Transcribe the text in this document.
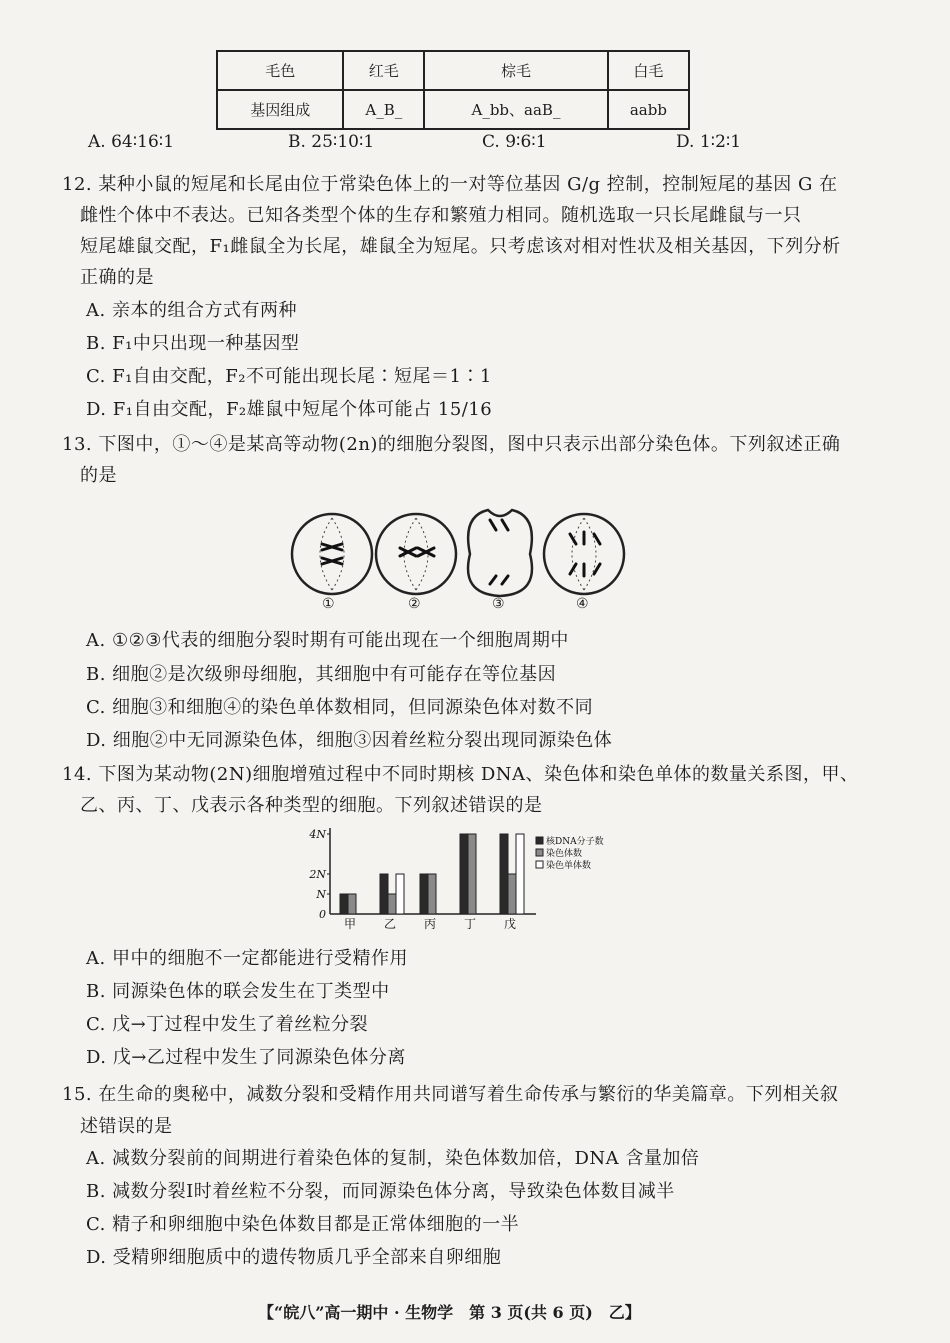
毛色	红毛	棕毛	白毛
基因组成	A_B_	A_bb、aaB_	aabb
A. 64∶16∶1	B. 25∶10∶1	C. 9∶6∶1	D. 1∶2∶1
12. 某种小鼠的短尾和长尾由位于常染色体上的一对等位基因 G/g 控制，控制短尾的基因 G 在
雌性个体中不表达。已知各类型个体的生存和繁殖力相同。随机选取一只长尾雌鼠与一只
短尾雄鼠交配，F₁雌鼠全为长尾，雄鼠全为短尾。只考虑该对相对性状及相关基因，下列分析
正确的是
A. 亲本的组合方式有两种
B. F₁中只出现一种基因型
C. F₁自由交配，F₂不可能出现长尾∶短尾＝1∶1
D. F₁自由交配，F₂雄鼠中短尾个体可能占 15/16
13. 下图中，①～④是某高等动物(2n)的细胞分裂图，图中只表示出部分染色体。下列叙述正确
的是
①	②	③	④
A. ①②③代表的细胞分裂时期有可能出现在一个细胞周期中
B. 细胞②是次级卵母细胞，其细胞中有可能存在等位基因
C. 细胞③和细胞④的染色单体数相同，但同源染色体对数不同
D. 细胞②中无同源染色体，细胞③因着丝粒分裂出现同源染色体
14. 下图为某动物(2N)细胞增殖过程中不同时期核 DNA、染色体和染色单体的数量关系图，甲、
乙、丙、丁、戊表示各种类型的细胞。下列叙述错误的是
0
N
2N
4N
甲 乙 丙 丁 戊
核DNA分子数
染色体数
染色单体数
A. 甲中的细胞不一定都能进行受精作用
B. 同源染色体的联会发生在丁类型中
C. 戊→丁过程中发生了着丝粒分裂
D. 戊→乙过程中发生了同源染色体分离
15. 在生命的奥秘中，减数分裂和受精作用共同谱写着生命传承与繁衍的华美篇章。下列相关叙
述错误的是
A. 减数分裂前的间期进行着染色体的复制，染色体数加倍，DNA 含量加倍
B. 减数分裂Ⅰ时着丝粒不分裂，而同源染色体分离，导致染色体数目减半
C. 精子和卵细胞中染色体数目都是正常体细胞的一半
D. 受精卵细胞质中的遗传物质几乎全部来自卵细胞
【“皖八”高一期中 · 生物学　第 3 页(共 6 页)　乙】
